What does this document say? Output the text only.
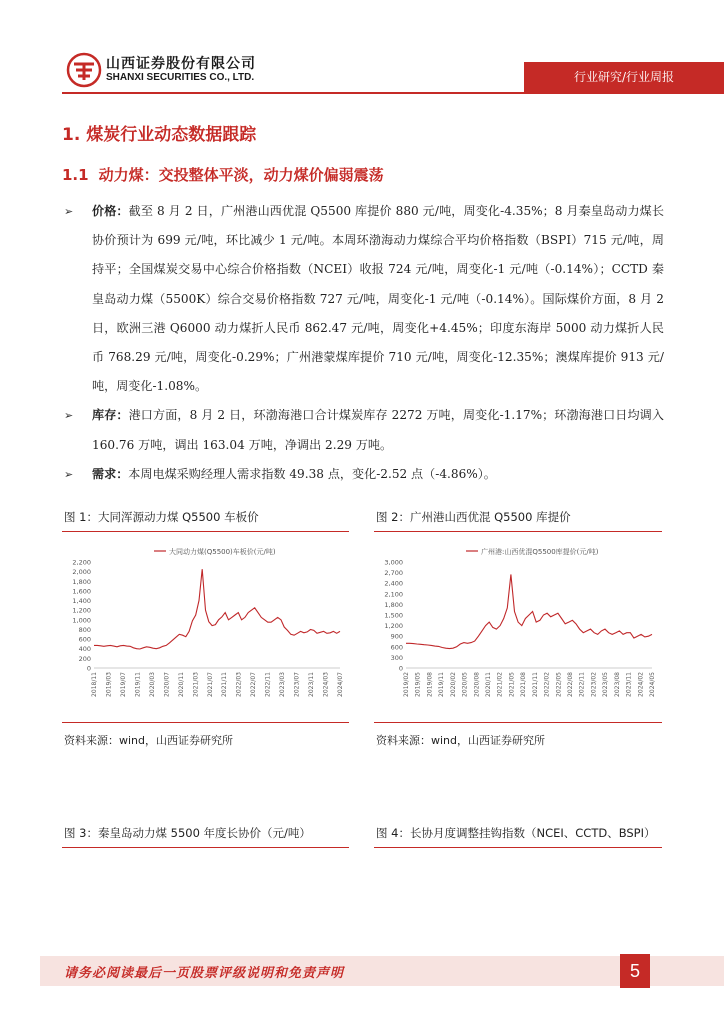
山西证券股份有限公司
SHANXI SECURITIES CO., LTD.	行业研究/行业周报
1. 煤炭行业动态数据跟踪
1.1 动力煤：交投整体平淡，动力煤价偏弱震荡
➢ 价格：截至 8 月 2 日，广州港山西优混 Q5500 库提价 880 元/吨，周变化-4.35%；8 月秦皇岛动力煤长协价预计为 699 元/吨，环比减少 1 元/吨。本周环渤海动力煤综合平均价格指数（BSPI）715 元/吨，周持平；全国煤炭交易中心综合价格指数（NCEI）收报 724 元/吨，周变化-1 元/吨（-0.14%）；CCTD 秦皇岛动力煤（5500K）综合交易价格指数 727 元/吨，周变化-1 元/吨（-0.14%）。国际煤价方面，8 月 2 日，欧洲三港 Q6000 动力煤折人民币 862.47 元/吨，周变化+4.45%；印度东海岸 5000 动力煤折人民币 768.29 元/吨，周变化-0.29%；广州港蒙煤库提价 710 元/吨，周变化-12.35%；澳煤库提价 913 元/吨，周变化-1.08%。
➢ 库存：港口方面，8 月 2 日，环渤海港口合计煤炭库存 2272 万吨，周变化-1.17%；环渤海港口日均调入 160.76 万吨，调出 163.04 万吨，净调出 2.29 万吨。
➢ 需求：本周电煤采购经理人需求指数 49.38 点，变化-2.52 点（-4.86%）。
图 1：大同浑源动力煤 Q5500 车板价	图 2：广州港山西优混 Q5500 库提价
大同动力煤(Q5500)车板价(元/吨)
0
200
400
600
800
1,000
1,200
1,400
1,600
1,800
2,000
2,200
2018/11 2019/03 2019/07 2019/11 2020/03 2020/07 2020/11 2021/03 2021/07 2021/11 2022/03 2022/07 2022/11 2023/03 2023/07 2023/11 2024/03 2024/07
广州港:山西优混Q5500库提价(元/吨)
0
300
600
900
1,200
1,500
1,800
2,100
2,400
2,700
3,000
2019/02 2019/05 2019/08 2019/11 2020/02 2020/05 2020/08 2020/11 2021/02 2021/05 2021/08 2021/11 2022/02 2022/05 2022/08 2022/11 2023/02 2023/05 2023/08 2023/11 2024/02 2024/05
资料来源：wind，山西证券研究所	资料来源：wind，山西证券研究所
图 3：秦皇岛动力煤 5500 年度长协价（元/吨）	图 4：长协月度调整挂钩指数（NCEI、CCTD、BSPI）
请务必阅读最后一页股票评级说明和免责声明	5
